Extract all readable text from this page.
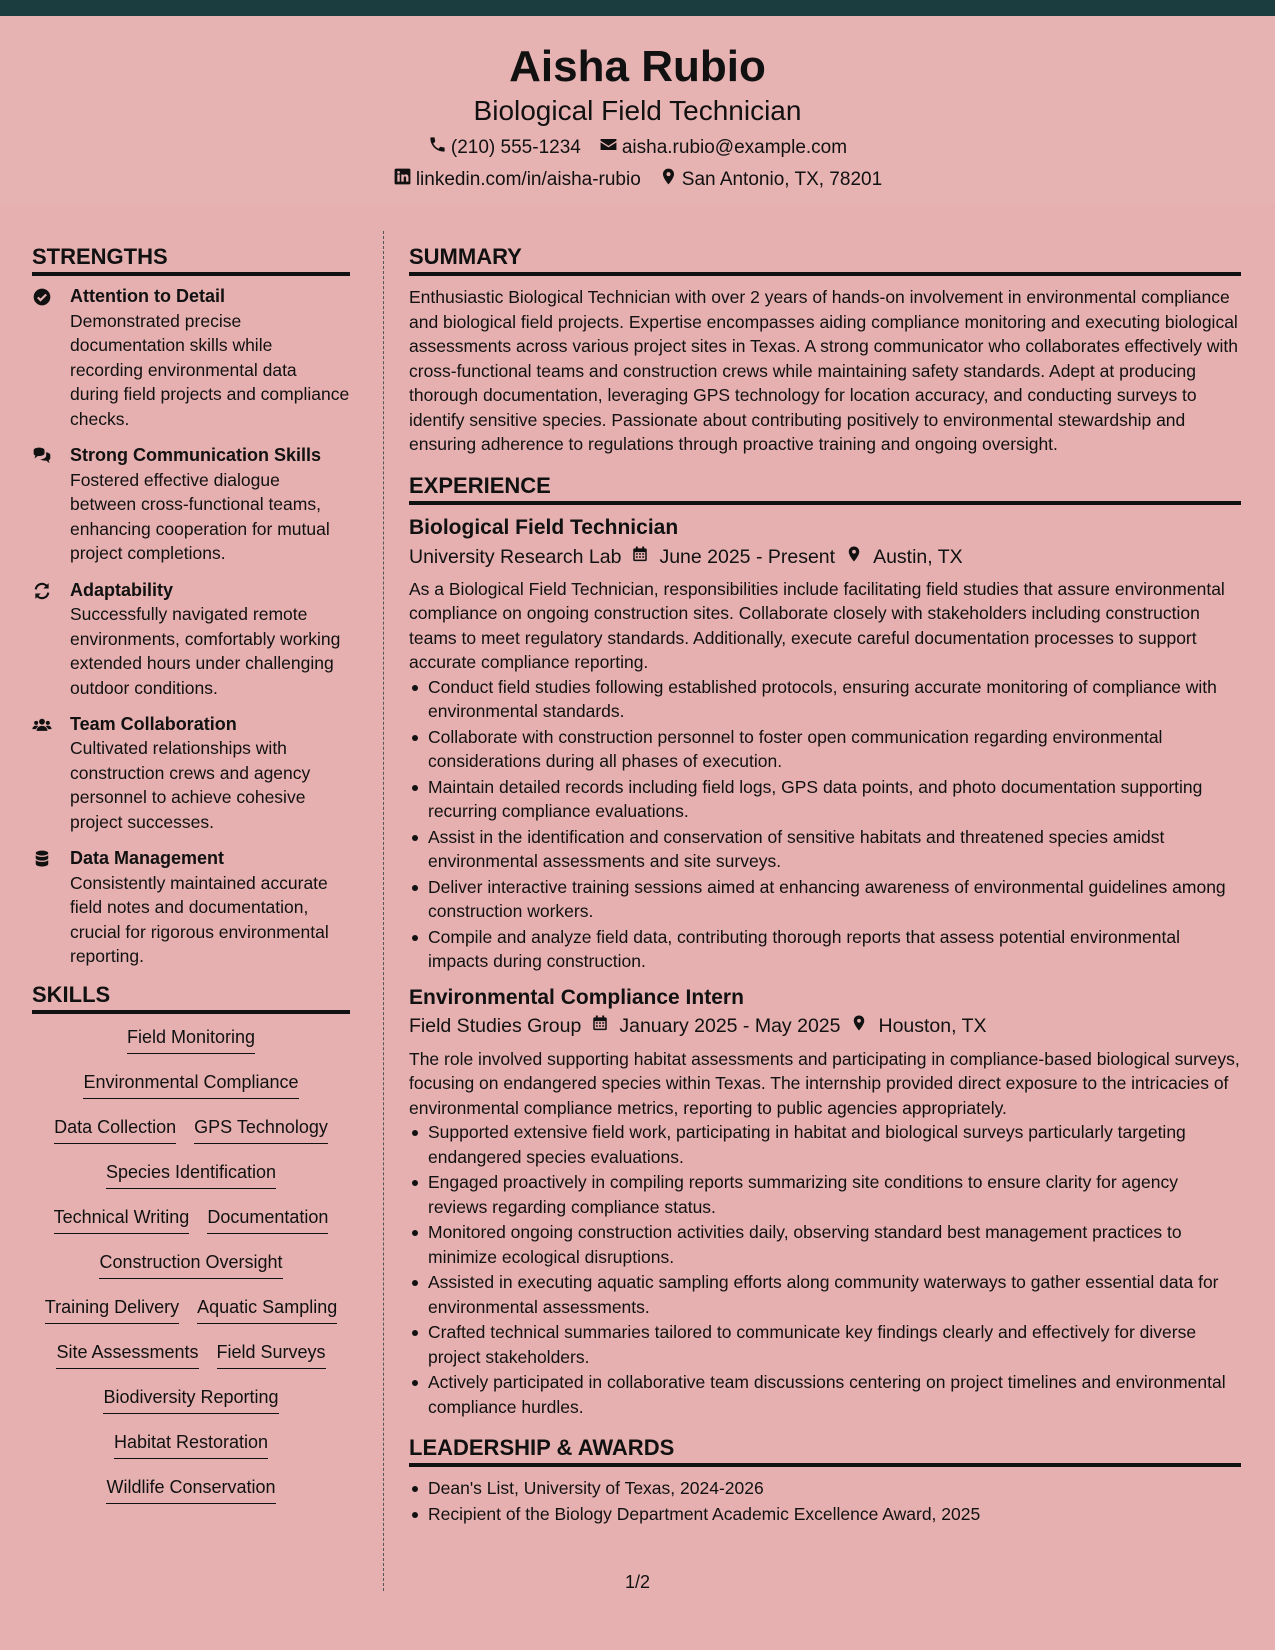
Aisha Rubio
Biological Field Technician
(210) 555-1234 aisha.rubio@example.com
linkedin.com/in/aisha-rubio San Antonio, TX, 78201
STRENGTHS
Attention to Detail
Demonstrated precise documentation skills while recording environmental data during field projects and compliance checks.
Strong Communication Skills
Fostered effective dialogue between cross-functional teams, enhancing cooperation for mutual project completions.
Adaptability
Successfully navigated remote environments, comfortably working extended hours under challenging outdoor conditions.
Team Collaboration
Cultivated relationships with construction crews and agency personnel to achieve cohesive project successes.
Data Management
Consistently maintained accurate field notes and documentation, crucial for rigorous environmental reporting.
SKILLS
Field Monitoring
Environmental Compliance
Data Collection GPS Technology
Species Identification
Technical Writing Documentation
Construction Oversight
Training Delivery Aquatic Sampling
Site Assessments Field Surveys
Biodiversity Reporting
Habitat Restoration
Wildlife Conservation
SUMMARY
Enthusiastic Biological Technician with over 2 years of hands-on involvement in environmental compliance and biological field projects. Expertise encompasses aiding compliance monitoring and executing biological assessments across various project sites in Texas. A strong communicator who collaborates effectively with cross-functional teams and construction crews while maintaining safety standards. Adept at producing thorough documentation, leveraging GPS technology for location accuracy, and conducting surveys to identify sensitive species. Passionate about contributing positively to environmental stewardship and ensuring adherence to regulations through proactive training and ongoing oversight.
EXPERIENCE
Biological Field Technician
University Research Lab June 2025 - Present Austin, TX
As a Biological Field Technician, responsibilities include facilitating field studies that assure environmental compliance on ongoing construction sites. Collaborate closely with stakeholders including construction teams to meet regulatory standards. Additionally, execute careful documentation processes to support accurate compliance reporting.
Conduct field studies following established protocols, ensuring accurate monitoring of compliance with environmental standards.
Collaborate with construction personnel to foster open communication regarding environmental considerations during all phases of execution.
Maintain detailed records including field logs, GPS data points, and photo documentation supporting recurring compliance evaluations.
Assist in the identification and conservation of sensitive habitats and threatened species amidst environmental assessments and site surveys.
Deliver interactive training sessions aimed at enhancing awareness of environmental guidelines among construction workers.
Compile and analyze field data, contributing thorough reports that assess potential environmental impacts during construction.
Environmental Compliance Intern
Field Studies Group January 2025 - May 2025 Houston, TX
The role involved supporting habitat assessments and participating in compliance-based biological surveys, focusing on endangered species within Texas. The internship provided direct exposure to the intricacies of environmental compliance metrics, reporting to public agencies appropriately.
Supported extensive field work, participating in habitat and biological surveys particularly targeting endangered species evaluations.
Engaged proactively in compiling reports summarizing site conditions to ensure clarity for agency reviews regarding compliance status.
Monitored ongoing construction activities daily, observing standard best management practices to minimize ecological disruptions.
Assisted in executing aquatic sampling efforts along community waterways to gather essential data for environmental assessments.
Crafted technical summaries tailored to communicate key findings clearly and effectively for diverse project stakeholders.
Actively participated in collaborative team discussions centering on project timelines and environmental compliance hurdles.
LEADERSHIP & AWARDS
Dean's List, University of Texas, 2024-2026
Recipient of the Biology Department Academic Excellence Award, 2025
1/2
